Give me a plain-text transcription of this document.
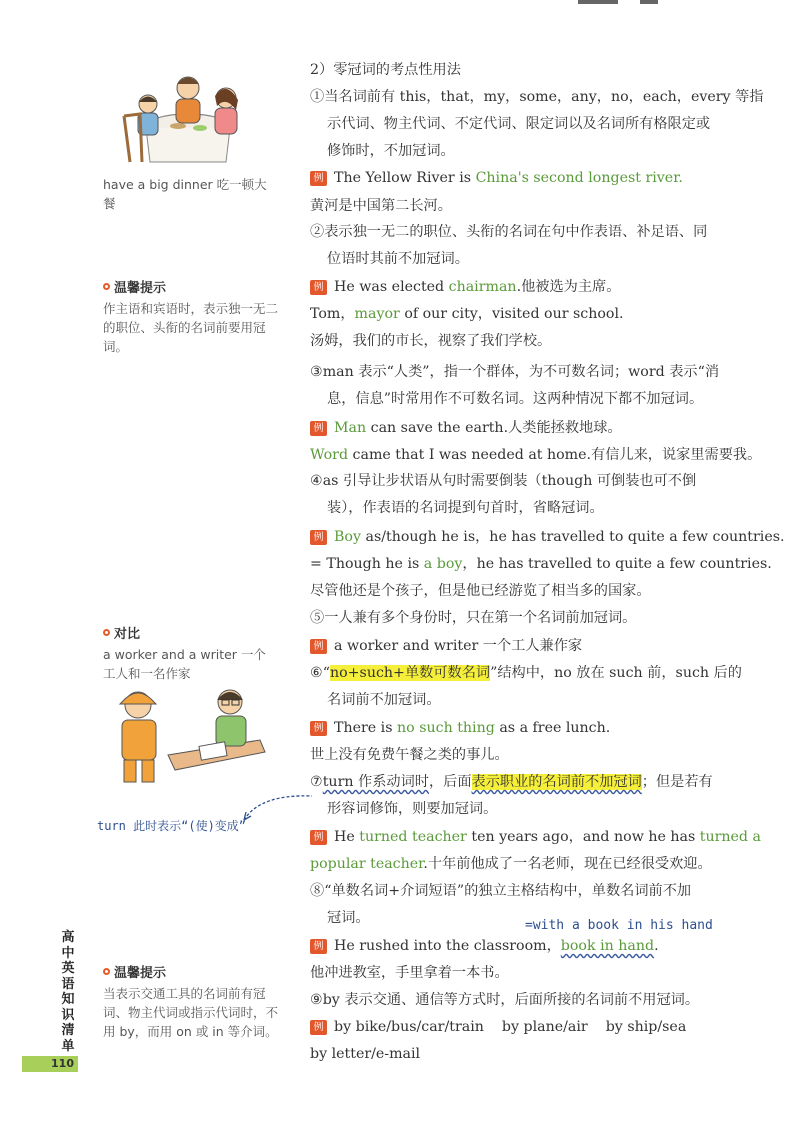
have a big dinner 吃一顿大餐
温馨提示
作主语和宾语时，表示独一无二的职位、头衔的名词前要用冠词。
对比
a worker and a writer 一个工人和一名作家
turn 此时表示“(使)变成”
温馨提示
当表示交通工具的名词前有冠词、物主代词或指示代词时，不用 by，而用 on 或 in 等介词。
高中英语知识清单
110
2）零冠词的考点性用法
①当名词前有 this，that，my，some，any，no，each，every 等指
示代词、物主代词、不定代词、限定词以及名词所有格限定或
修饰时，不加冠词。
例 The Yellow River is China's second longest river.
黄河是中国第二长河。
②表示独一无二的职位、头衔的名词在句中作表语、补足语、同
位语时其前不加冠词。
例 He was elected chairman.他被选为主席。
Tom，mayor of our city，visited our school.
汤姆，我们的市长，视察了我们学校。
③man 表示“人类”，指一个群体，为不可数名词；word 表示“消
息，信息”时常用作不可数名词。这两种情况下都不加冠词。
例 Man can save the earth.人类能拯救地球。
Word came that I was needed at home.有信儿来，说家里需要我。
④as 引导让步状语从句时需要倒装（though 可倒装也可不倒
装），作表语的名词提到句首时，省略冠词。
例 Boy as/though he is，he has travelled to quite a few countries.
= Though he is a boy，he has travelled to quite a few countries.
尽管他还是个孩子，但是他已经游览了相当多的国家。
⑤一人兼有多个身份时，只在第一个名词前加冠词。
例 a worker and writer 一个工人兼作家
⑥“no+such+单数可数名词”结构中，no 放在 such 前，such 后的
名词前不加冠词。
例 There is no such thing as a free lunch.
世上没有免费午餐之类的事儿。
⑦turn 作系动词时，后面表示职业的名词前不加冠词；但是若有
形容词修饰，则要加冠词。
例 He turned teacher ten years ago，and now he has turned a
popular teacher.十年前他成了一名老师，现在已经很受欢迎。
⑧“单数名词+介词短语”的独立主格结构中，单数名词前不加
冠词。	=with a book in his hand
例 He rushed into the classroom，book in hand.
他冲进教室，手里拿着一本书。
⑨by 表示交通、通信等方式时，后面所接的名词前不用冠词。
例 by bike/bus/car/train    by plane/air    by ship/sea
by letter/e-mail
